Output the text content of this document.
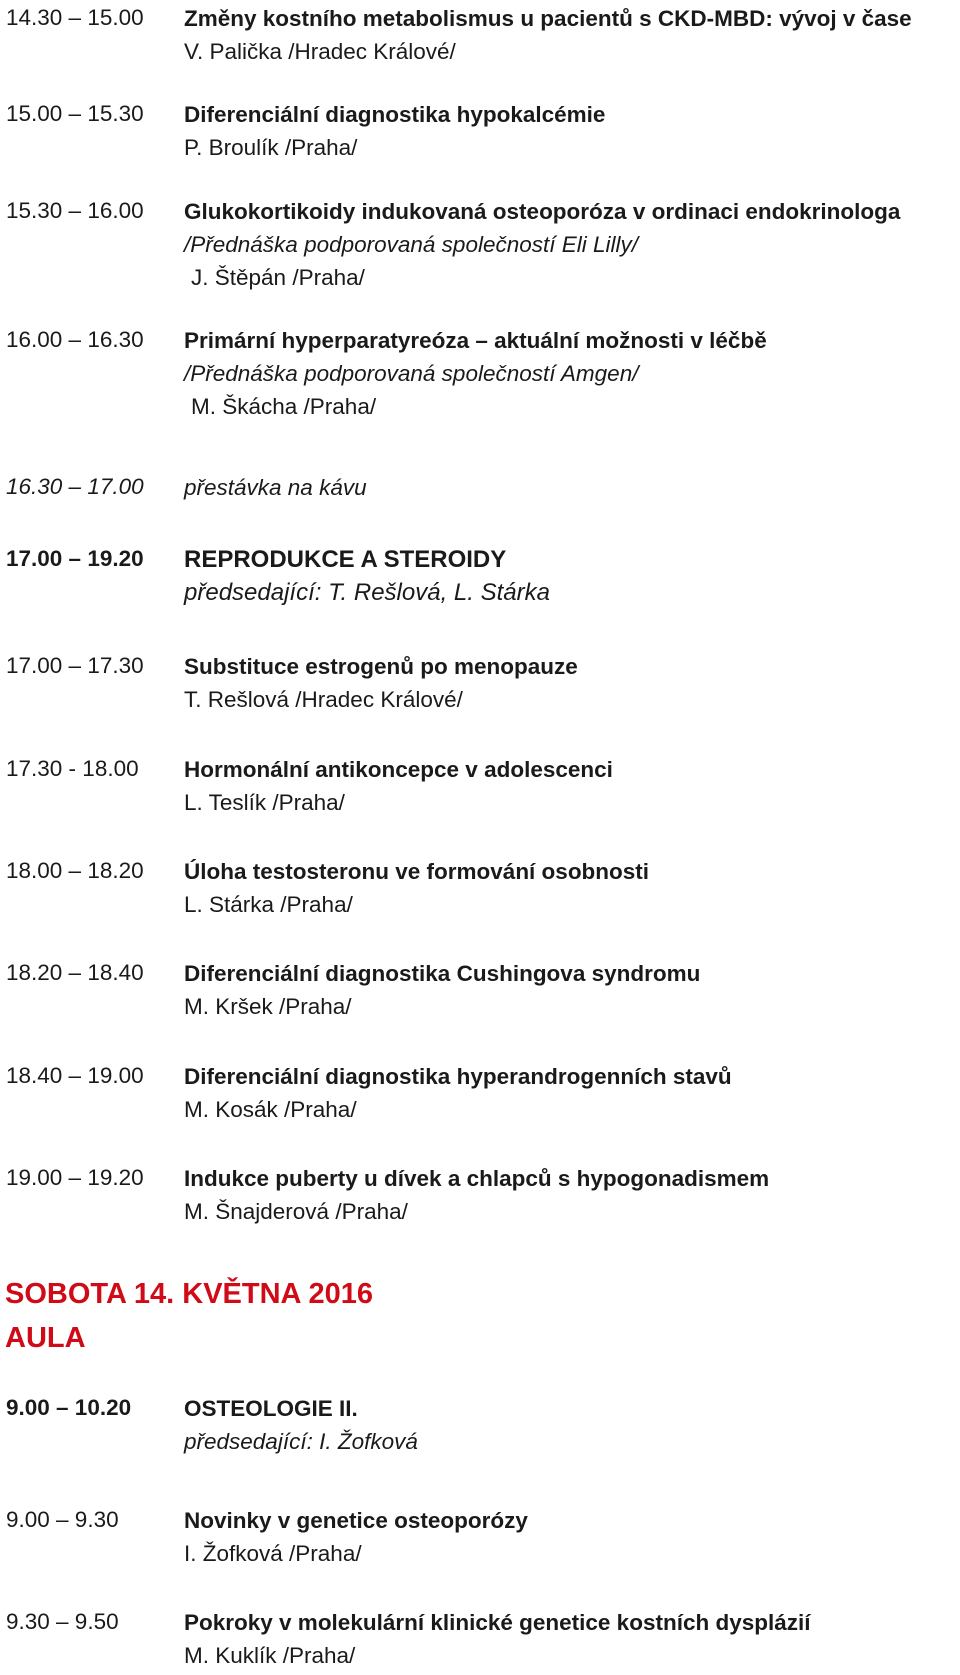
14.30 – 15.00 Změny kostního metabolismus u pacientů s CKD-MBD: vývoj v čase
V. Palička /Hradec Králové/
15.00 – 15.30 Diferenciální diagnostika hypokalcémie
P. Broulík /Praha/
15.30 – 16.00 Glukokortikoidy indukovaná osteoporóza v ordinaci endokrinologa
/Přednáška podporovaná společností Eli Lilly/
J. Štěpán /Praha/
16.00 – 16.30 Primární hyperparatyreóza – aktuální možnosti v léčbě
/Přednáška podporovaná společností Amgen/
M. Škácha /Praha/
16.30 – 17.00 přestávka na kávu
17.00 – 19.20 REPRODUKCE A STEROIDY
předsedající: T. Rešlová, L. Stárka
17.00 – 17.30 Substituce estrogenů po menopauze
T. Rešlová /Hradec Králové/
17.30 - 18.00 Hormonální antikoncepce v adolescenci
L. Teslík /Praha/
18.00 – 18.20 Úloha testosteronu ve formování osobnosti
L. Stárka /Praha/
18.20 – 18.40 Diferenciální diagnostika Cushingova syndromu
M. Kršek /Praha/
18.40 – 19.00 Diferenciální diagnostika hyperandrogenních stavů
M. Kosák /Praha/
19.00 – 19.20 Indukce puberty u dívek a chlapců s hypogonadismem
M. Šnajderová /Praha/
SOBOTA 14. KVĚTNA 2016
AULA
9.00 – 10.20 OSTEOLOGIE II.
předsedající: I. Žofková
9.00 – 9.30	Novinky v genetice osteoporózy
I. Žofková /Praha/
9.30 – 9.50	Pokroky v molekulární klinické genetice kostních dysplázií
M. Kuklík /Praha/
